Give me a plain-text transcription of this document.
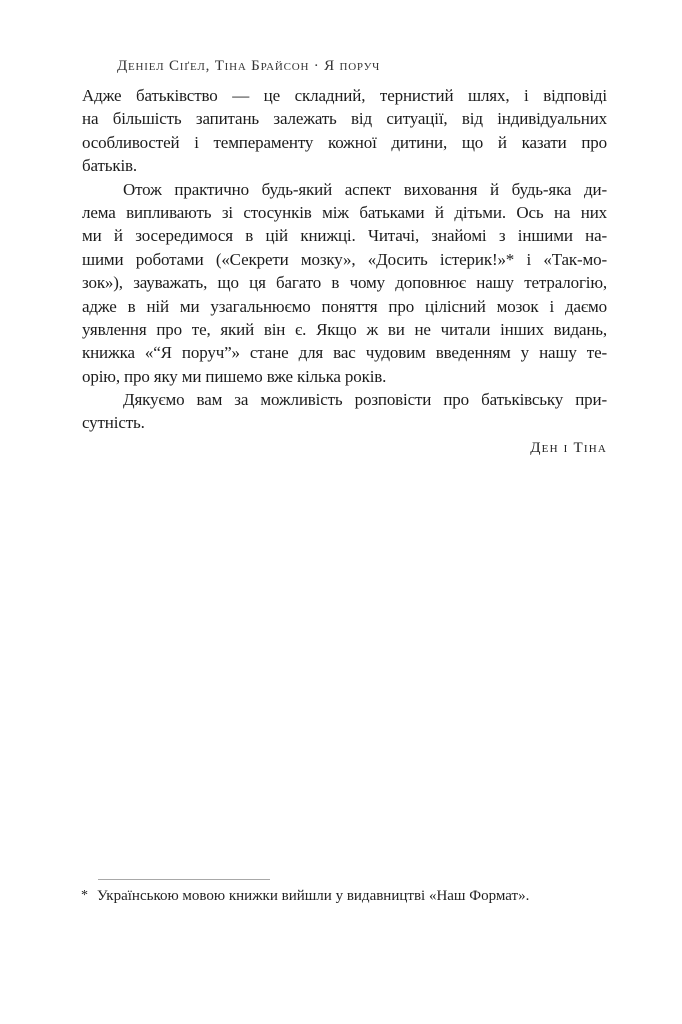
Деніел Сіґел, Тіна Брайсон · Я поруч
Адже батьківство — це складний, тернистий шлях, і відповіді
на більшість запитань залежать від ситуації, від індивідуальних
особливостей і темпераменту кожної дитини, що й казати про
батьків.
Отож практично будь-який аспект виховання й будь-яка ди-
лема випливають зі стосунків між батьками й дітьми. Ось на них
ми й зосередимося в цій книжці. Читачі, знайомі з іншими на-
шими роботами («Секрети мозку», «Досить істерик!»* і «Так-мо-
зок»), зауважать, що ця багато в чому доповнює нашу тетралогію,
адже в ній ми узагальнюємо поняття про цілісний мозок і даємо
уявлення про те, який він є. Якщо ж ви не читали інших видань,
книжка «“Я поруч”» стане для вас чудовим введенням у нашу те-
орію, про яку ми пишемо вже кілька років.
Дякуємо вам за можливість розповісти про батьківську при-
сутність.
Ден і Тіна
* Українською мовою книжки вийшли у видавництві «Наш Формат».
